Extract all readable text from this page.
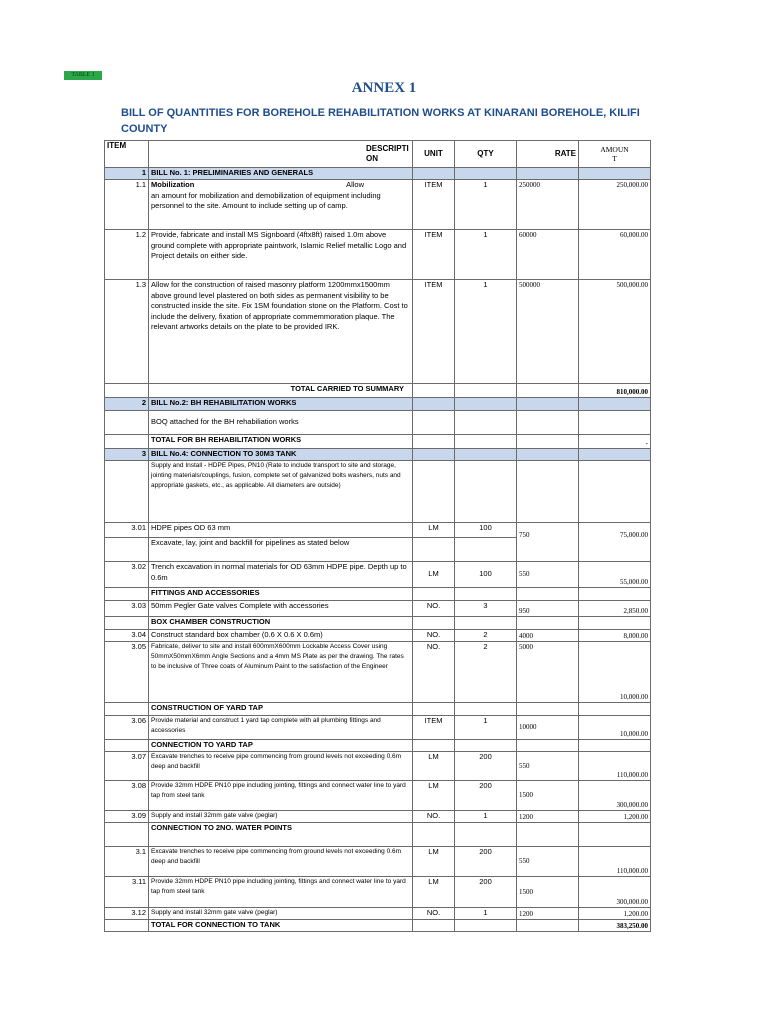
TABLE 1
ANNEX 1
BILL OF QUANTITIES FOR BOREHOLE REHABILITATION WORKS AT KINARANI BOREHOLE, KILIFI COUNTY
ITEM	DESCRIPTI ON	UNIT	QTY	RATE	AMOUN T

1	BILL No. 1: PRELIMINARIES AND GENERALS				
1.1	Mobilization Allow
an amount for mobilization and demobilization of equipment including personnel to the site. Amount to include setting up of camp.	ITEM	1	250000	250,000.00
1.2	Provide, fabricate and install MS Signboard (4ftx8ft) raised 1.0m above ground complete with appropriate paintwork, Islamic Relief metallic Logo and Project details on either side.	ITEM	1	60000	60,000.00
1.3	Allow for the construction of raised masonry platform 1200mmx1500mm above ground level plastered on both sides as permanent visibility to be constructed inside the site. Fix 1SM foundation stone on the Platform. Cost to include the delivery, fixation of appropriate commemmoration plaque. The relevant artworks details on the plate to be provided IRK.	ITEM	1	500000	500,000.00
	TOTAL CARRIED TO SUMMARY				810,000.00
2	BILL No.2: BH REHABILITATION WORKS				
	BOQ attached for the BH rehabiliation works				
	TOTAL FOR BH REHABILITATION WORKS				-
3	BILL No.4: CONNECTION TO 30M3 TANK				
	Supply and Install - HDPE Pipes, PN10 (Rate to include transport to site and storage, jointing materials/couplings, fusion, complete set of galvanized bolts washers, nuts and appropriate gaskets, etc., as applicable. All diameters are outside)				
3.01	HDPE pipes OD 63 mm	LM	100	750	75,000.00
	Excavate, lay, joint and backfill for pipelines as stated below				
3.02	Trench excavation in normal materials for OD 63mm HDPE pipe. Depth up to 0.6m	LM	100	550	55,000.00
	FITTINGS AND ACCESSORIES				
3.03	50mm Pegler Gate valves Complete with accessories	NO.	3	950	2,850.00
	BOX CHAMBER CONSTRUCTION				
3.04	Construct standard box chamber (0.6 X 0.6 X 0.6m)	NO.	2	4000	8,000.00
3.05	Fabricate, deliver to site and install 600mmX600mm Lockable Access Cover using 50mmX50mmX6mm Angle Sections and a 4mm MS Plate as per the drawing. The rates to be inclusive of Three coats of Aluminum Paint to the satisfaction of the Engineer	NO.	2	5000	10,000.00
	CONSTRUCTION OF YARD TAP				
3.06	Provide material and construct 1 yard tap complete with all plumbing fittings and accessories	ITEM	1	10000	10,000.00
	CONNECTION TO YARD TAP				
3.07	Excavate trenches to receive pipe commencing from ground levels not exceeding 0.6m deep and backfill	LM	200	550	110,000.00
3.08	Provide 32mm HDPE PN10 pipe including jointing, fittings and connect water line to yard tap from steel tank	LM	200	1500	300,000.00
3.09	Supply and install 32mm gate valve (peglar)	NO.	1	1200	1,200.00
	CONNECTION TO 2NO. WATER POINTS				
3.1	Excavate trenches to receive pipe commencing from ground levels not exceeding 0.6m deep and backfill	LM	200	550	110,000.00
3.11	Provide 32mm HDPE PN10 pipe including jointing, fittings and connect water line to yard tap from steel tank	LM	200	1500	300,000.00
3.12	Supply and install 32mm gate valve (peglar)	NO.	1	1200	1,200.00
	TOTAL FOR CONNECTION TO TANK				383,250.00
